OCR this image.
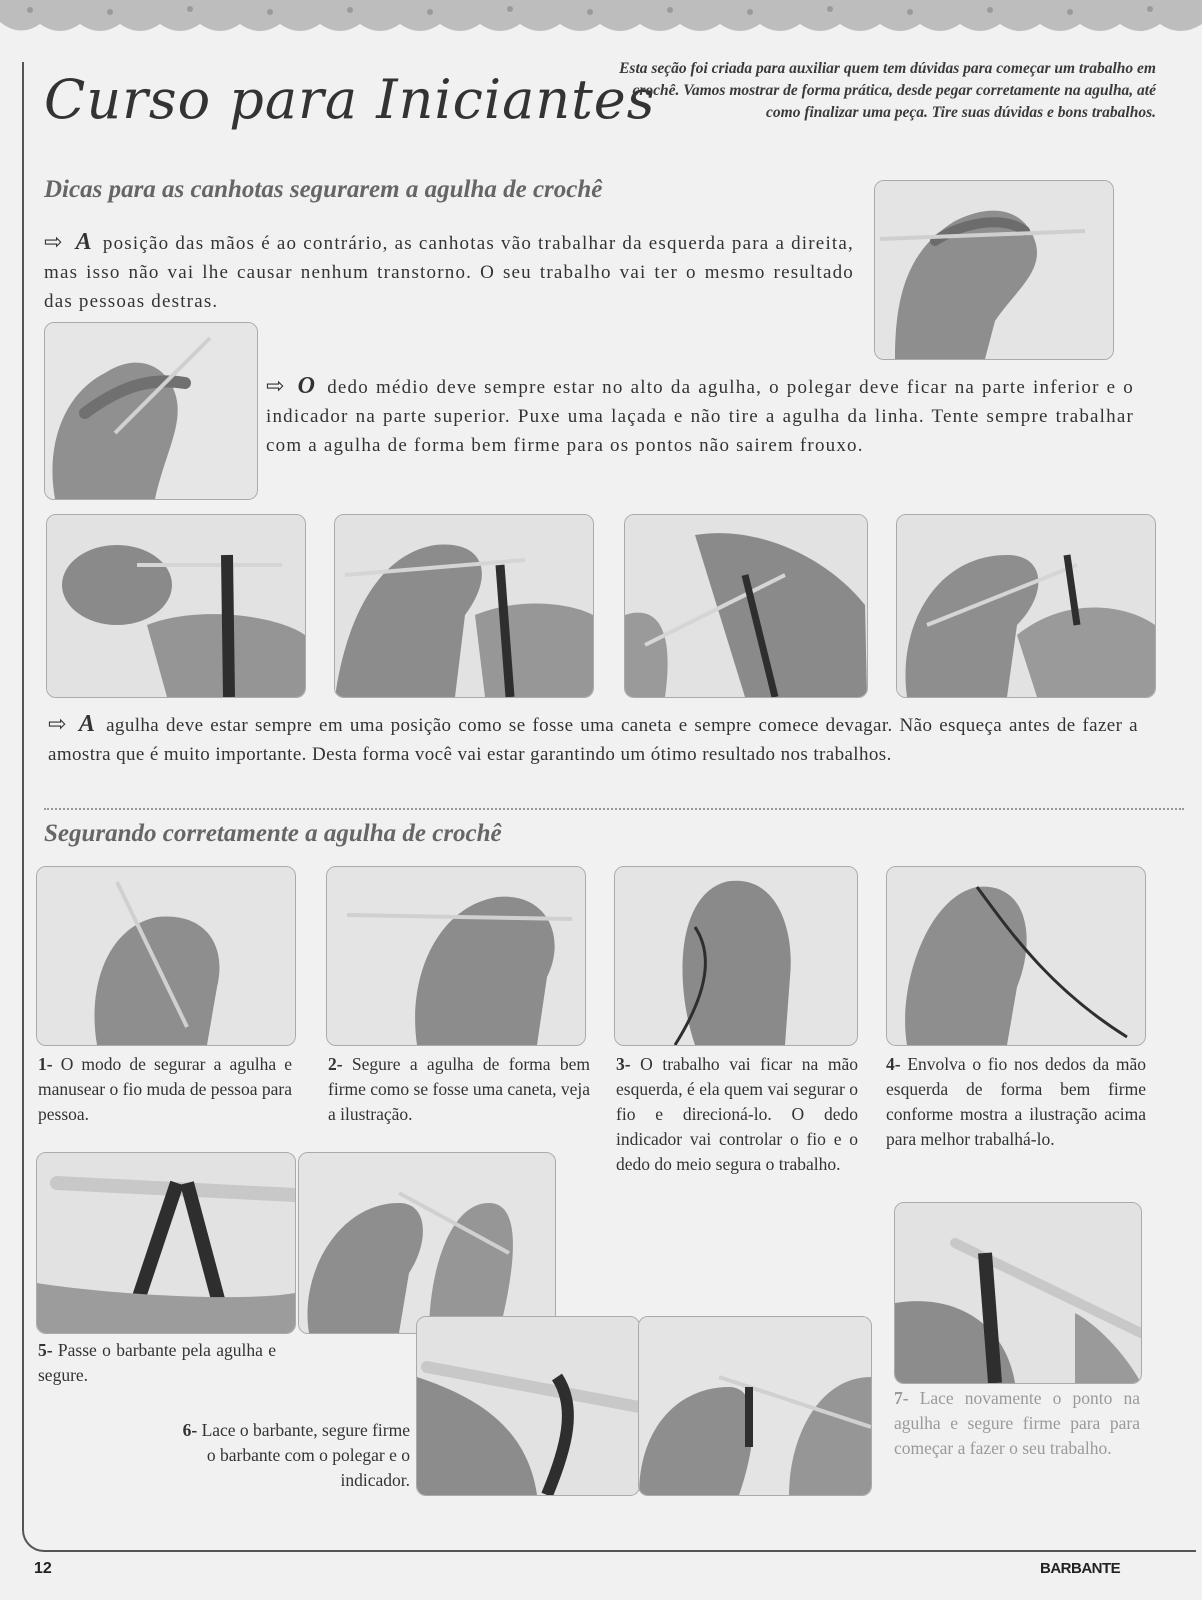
Curso para Iniciantes
Esta seção foi criada para auxiliar quem tem dúvidas para começar um trabalho em crochê. Vamos mostrar de forma prática, desde pegar corretamente na agulha, até como finalizar uma peça. Tire suas dúvidas e bons trabalhos.
Dicas para as canhotas segurarem a agulha de crochê
⇨ A posição das mãos é ao contrário, as canhotas vão trabalhar da esquerda para a direita, mas isso não vai lhe causar nenhum transtorno. O seu trabalho vai ter o mesmo resultado das pessoas destras.
⇨ O dedo médio deve sempre estar no alto da agulha, o polegar deve ficar na parte inferior e o indicador na parte superior. Puxe uma laçada e não tire a agulha da linha. Tente sempre trabalhar com a agulha de forma bem firme para os pontos não sairem frouxo.
⇨ A agulha deve estar sempre em uma posição como se fosse uma caneta e sempre comece devagar. Não esqueça antes de fazer a amostra que é muito importante. Desta forma você vai estar garantindo um ótimo resultado nos trabalhos.
Segurando corretamente a agulha de crochê
1- O modo de segurar a agulha e manusear o fio muda de pessoa para pessoa.
2- Segure a agulha de forma bem firme como se fosse uma caneta, veja a ilustração.
3- O trabalho vai ficar na mão esquerda, é ela quem vai segurar o fio e direcioná-lo. O dedo indicador vai controlar o fio e o dedo do meio segura o trabalho.
4- Envolva o fio nos dedos da mão esquerda de forma bem firme conforme mostra a ilustração acima para melhor trabalhá-lo.
5- Passe o barbante pela agulha e segure.
6- Lace o barbante, segure firme o barbante com o polegar e o indicador.
7- Lace novamente o ponto na agulha e segure firme para para começar a fazer o seu trabalho.
12	BARBANTE
